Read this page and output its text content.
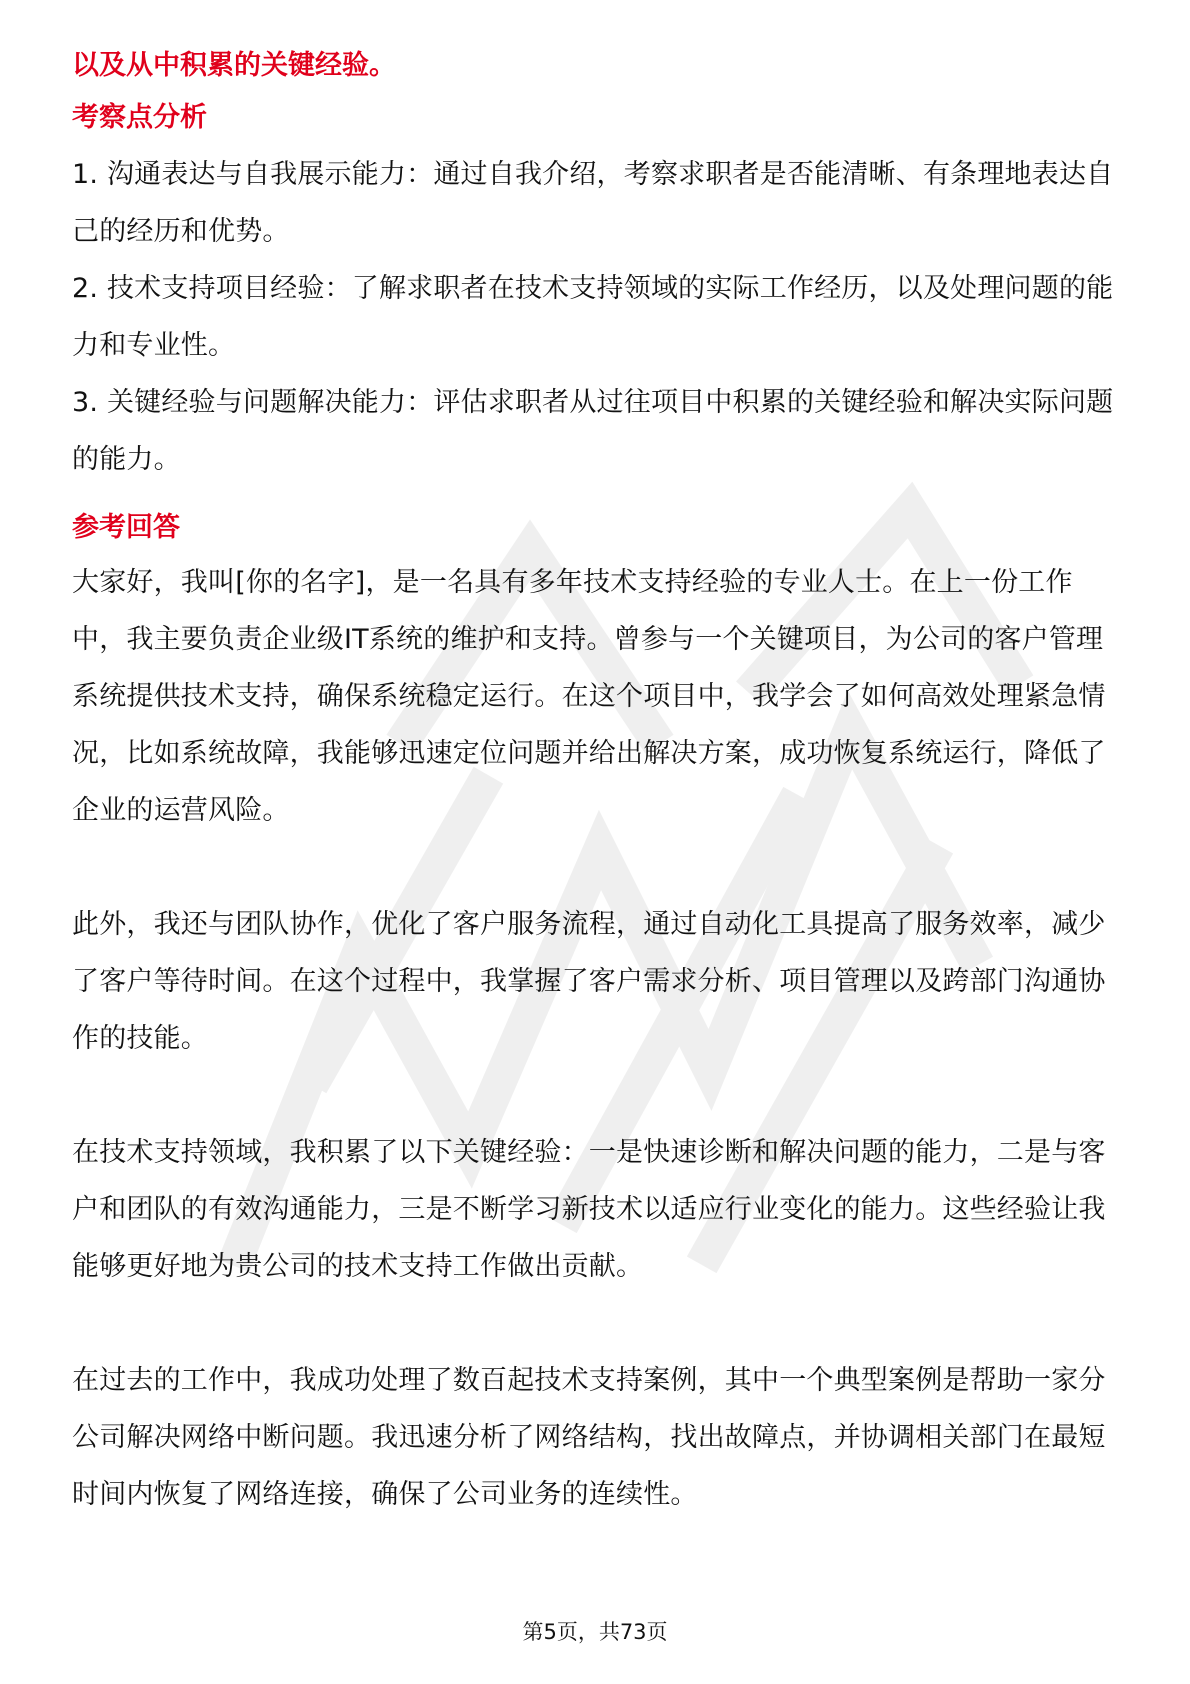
以及从中积累的关键经验。

考察点分析

1. 沟通表达与自我展示能力：通过自我介绍，考察求职者是否能清晰、有条理地表达自己的经历和优势。

2. 技术支持项目经验：了解求职者在技术支持领域的实际工作经历，以及处理问题的能力和专业性。

3. 关键经验与问题解决能力：评估求职者从过往项目中积累的关键经验和解决实际问题的能力。

参考回答

大家好，我叫[你的名字]，是一名具有多年技术支持经验的专业人士。在上一份工作中，我主要负责企业级IT系统的维护和支持。曾参与一个关键项目，为公司的客户管理系统提供技术支持，确保系统稳定运行。在这个项目中，我学会了如何高效处理紧急情况，比如系统故障，我能够迅速定位问题并给出解决方案，成功恢复系统运行，降低了企业的运营风险。

此外，我还与团队协作，优化了客户服务流程，通过自动化工具提高了服务效率，减少了客户等待时间。在这个过程中，我掌握了客户需求分析、项目管理以及跨部门沟通协作的技能。

在技术支持领域，我积累了以下关键经验：一是快速诊断和解决问题的能力，二是与客户和团队的有效沟通能力，三是不断学习新技术以适应行业变化的能力。这些经验让我能够更好地为贵公司的技术支持工作做出贡献。

在过去的工作中，我成功处理了数百起技术支持案例，其中一个典型案例是帮助一家分公司解决网络中断问题。我迅速分析了网络结构，找出故障点，并协调相关部门在最短时间内恢复了网络连接，确保了公司业务的连续性。

第5页，共73页
